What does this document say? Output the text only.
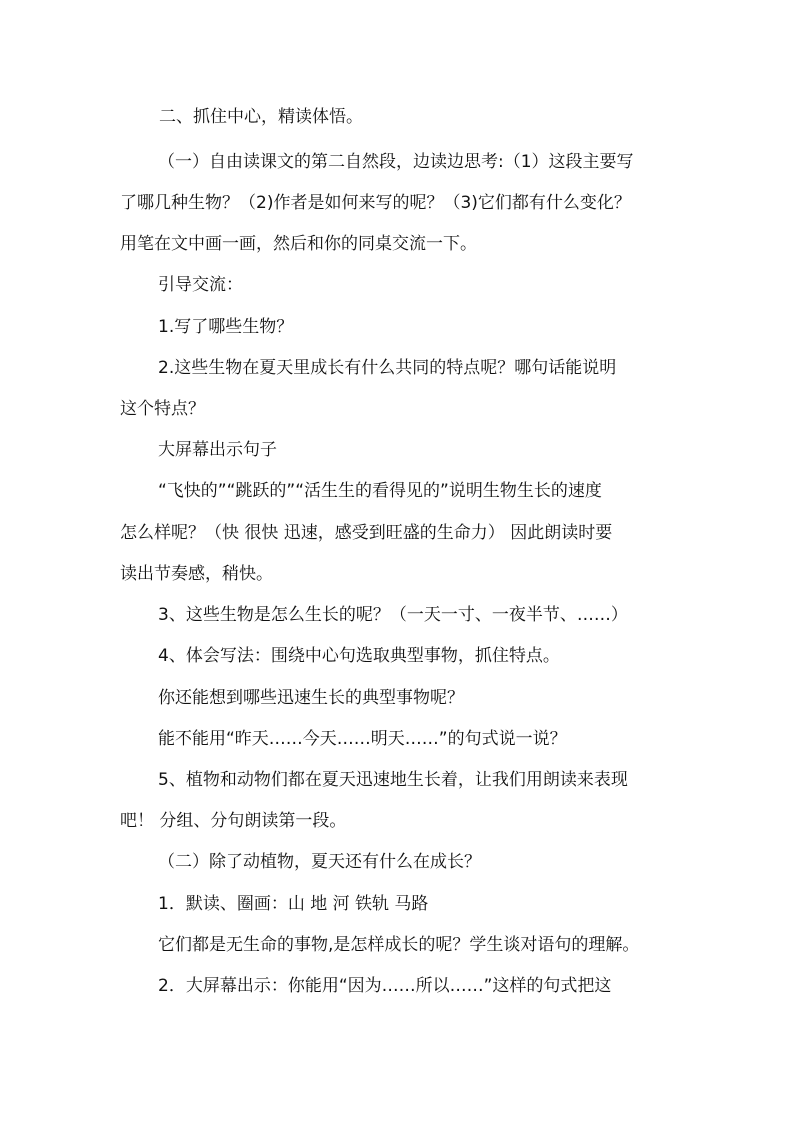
二、抓住中心，精读体悟。
（一）自由读课文的第二自然段，边读边思考:（1）这段主要写
了哪几种生物？（2)作者是如何来写的呢？（3)它们都有什么变化？
用笔在文中画一画，然后和你的同桌交流一下。
引导交流：
1.写了哪些生物？
2.这些生物在夏天里成长有什么共同的特点呢？哪句话能说明
这个特点？
大屏幕出示句子
“飞快的”“跳跃的”“活生生的看得见的”说明生物生长的速度
怎么样呢？（快 很快 迅速，感受到旺盛的生命力） 因此朗读时要
读出节奏感，稍快。
3、这些生物是怎么生长的呢？（一天一寸、一夜半节、……）
4、体会写法：围绕中心句选取典型事物，抓住特点。
你还能想到哪些迅速生长的典型事物呢？
能不能用“昨天……今天……明天……”的句式说一说？
5、植物和动物们都在夏天迅速地生长着，让我们用朗读来表现
吧！ 分组、分句朗读第一段。
（二）除了动植物，夏天还有什么在成长？
1．默读、圈画：山 地 河 铁轨 马路
它们都是无生命的事物,是怎样成长的呢？学生谈对语句的理解。
2．大屏幕出示：你能用“因为……所以……”这样的句式把这
